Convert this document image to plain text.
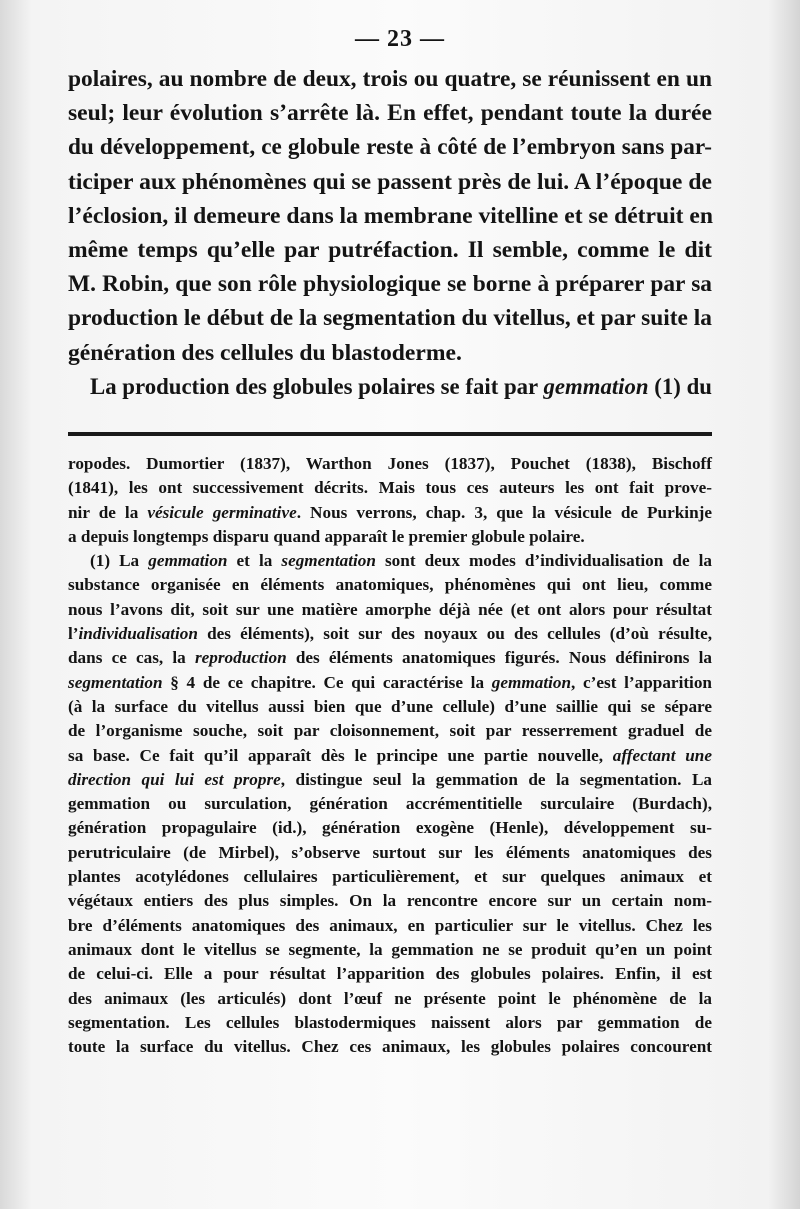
— 23 —
polaires, au nombre de deux, trois ou quatre, se réunissent en un
seul; leur évolution s’arrête là. En effet, pendant toute la durée
du développement, ce globule reste à côté de l’embryon sans par-
ticiper aux phénomènes qui se passent près de lui. A l’époque de
l’éclosion, il demeure dans la membrane vitelline et se détruit en
même temps qu’elle par putréfaction. Il semble, comme le dit
M. Robin, que son rôle physiologique se borne à préparer par sa
production le début de la segmentation du vitellus, et par suite la
génération des cellules du blastoderme.
La production des globules polaires se fait par gemmation (1) du
ropodes. Dumortier (1837), Warthon Jones (1837), Pouchet (1838), Bischoff
(1841), les ont successivement décrits. Mais tous ces auteurs les ont fait prove-
nir de la vésicule germinative. Nous verrons, chap. 3, que la vésicule de Purkinje
a depuis longtemps disparu quand apparaît le premier globule polaire.
(1) La gemmation et la segmentation sont deux modes d’individualisation de la
substance organisée en éléments anatomiques, phénomènes qui ont lieu, comme
nous l’avons dit, soit sur une matière amorphe déjà née (et ont alors pour résultat
l’individualisation des éléments), soit sur des noyaux ou des cellules (d’où résulte,
dans ce cas, la reproduction des éléments anatomiques figurés. Nous définirons la
segmentation § 4 de ce chapitre. Ce qui caractérise la gemmation, c’est l’apparition
(à la surface du vitellus aussi bien que d’une cellule) d’une saillie qui se sépare
de l’organisme souche, soit par cloisonnement, soit par resserrement graduel de
sa base. Ce fait qu’il apparaît dès le principe une partie nouvelle, affectant une
direction qui lui est propre, distingue seul la gemmation de la segmentation. La
gemmation ou surculation, génération accrémentitielle surculaire (Burdach),
génération propagulaire (id.), génération exogène (Henle), développement su-
perutriculaire (de Mirbel), s’observe surtout sur les éléments anatomiques des
plantes acotylédones cellulaires particulièrement, et sur quelques animaux et
végétaux entiers des plus simples. On la rencontre encore sur un certain nom-
bre d’éléments anatomiques des animaux, en particulier sur le vitellus. Chez les
animaux dont le vitellus se segmente, la gemmation ne se produit qu’en un point
de celui-ci. Elle a pour résultat l’apparition des globules polaires. Enfin, il est
des animaux (les articulés) dont l’œuf ne présente point le phénomène de la
segmentation. Les cellules blastodermiques naissent alors par gemmation de
toute la surface du vitellus. Chez ces animaux, les globules polaires concourent
